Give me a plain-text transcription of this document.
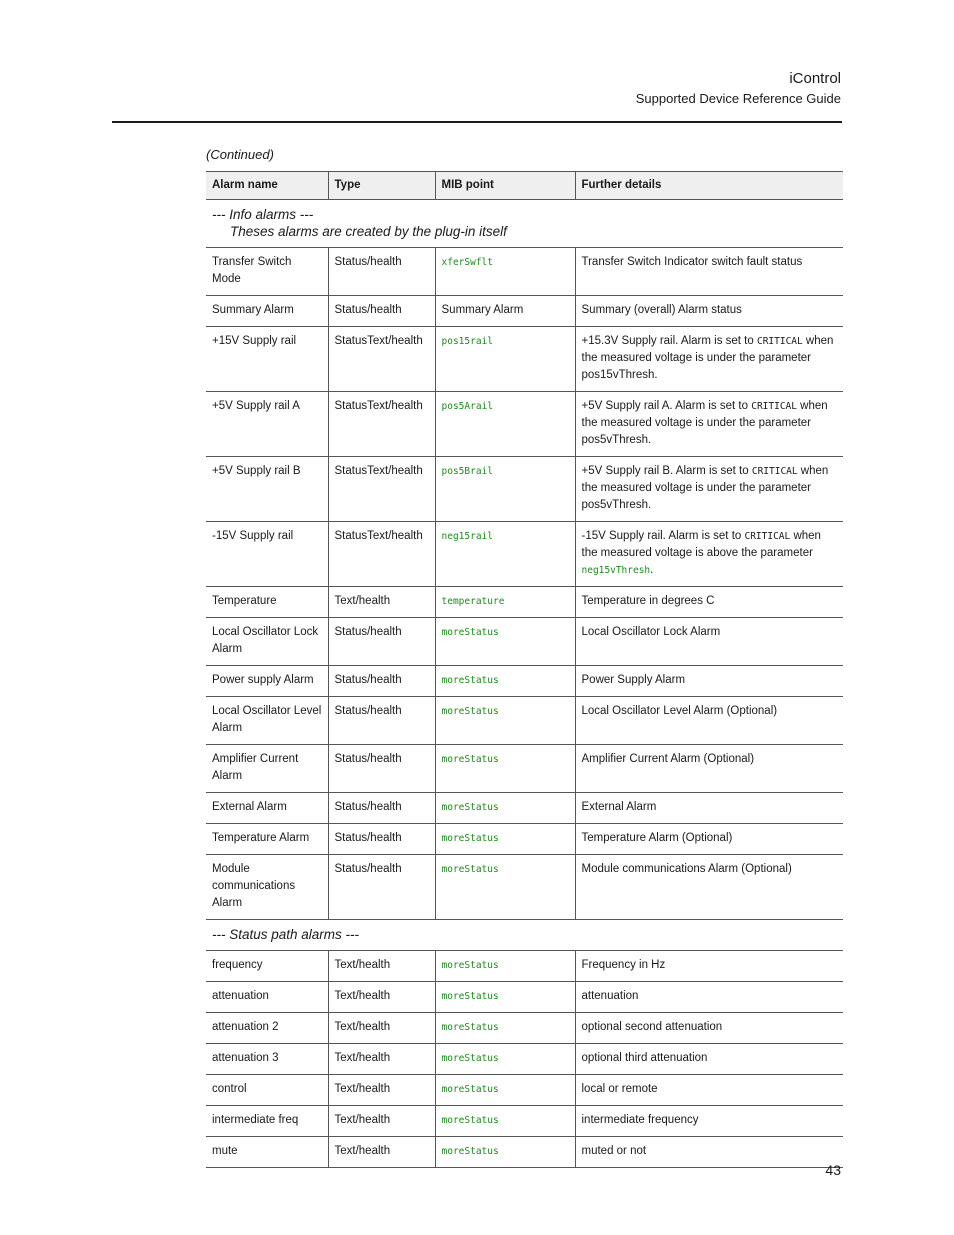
iControl
Supported Device Reference Guide
(Continued)
Alarm name	Type	MIB point	Further details
--- Info alarms ---
Theses alarms are created by the plug-in itself			

Transfer Switch Mode	Status/health	xferSwflt	Transfer Switch Indicator switch fault status
Summary Alarm	Status/health	Summary Alarm	Summary (overall) Alarm status
+15V Supply rail	StatusText/health	pos15rail	+15.3V Supply rail. Alarm is set to CRITICAL when the measured voltage is under the parameter pos15vThresh.
+5V Supply rail A	StatusText/health	pos5Arail	+5V Supply rail A. Alarm is set to CRITICAL when the measured voltage is under the parameter pos5vThresh.
+5V Supply rail B	StatusText/health	pos5Brail	+5V Supply rail B. Alarm is set to CRITICAL when the measured voltage is under the parameter pos5vThresh.
-15V Supply rail	StatusText/health	neg15rail	-15V Supply rail. Alarm is set to CRITICAL when the measured voltage is above the parameter neg15vThresh.
Temperature	Text/health	temperature	Temperature in degrees C
Local Oscillator Lock Alarm	Status/health	moreStatus	Local Oscillator Lock Alarm
Power supply Alarm	Status/health	moreStatus	Power Supply Alarm
Local Oscillator Level Alarm	Status/health	moreStatus	Local Oscillator Level Alarm (Optional)
Amplifier Current Alarm	Status/health	moreStatus	Amplifier Current Alarm (Optional)
External Alarm	Status/health	moreStatus	External Alarm
Temperature Alarm	Status/health	moreStatus	Temperature Alarm (Optional)
Module communications Alarm	Status/health	moreStatus	Module communications Alarm (Optional)
--- Status path alarms ---			
frequency	Text/health	moreStatus	Frequency in Hz
attenuation	Text/health	moreStatus	attenuation
attenuation 2	Text/health	moreStatus	optional second attenuation
attenuation 3	Text/health	moreStatus	optional third attenuation
control	Text/health	moreStatus	local or remote
intermediate freq	Text/health	moreStatus	intermediate frequency
mute	Text/health	moreStatus	muted or not
43
